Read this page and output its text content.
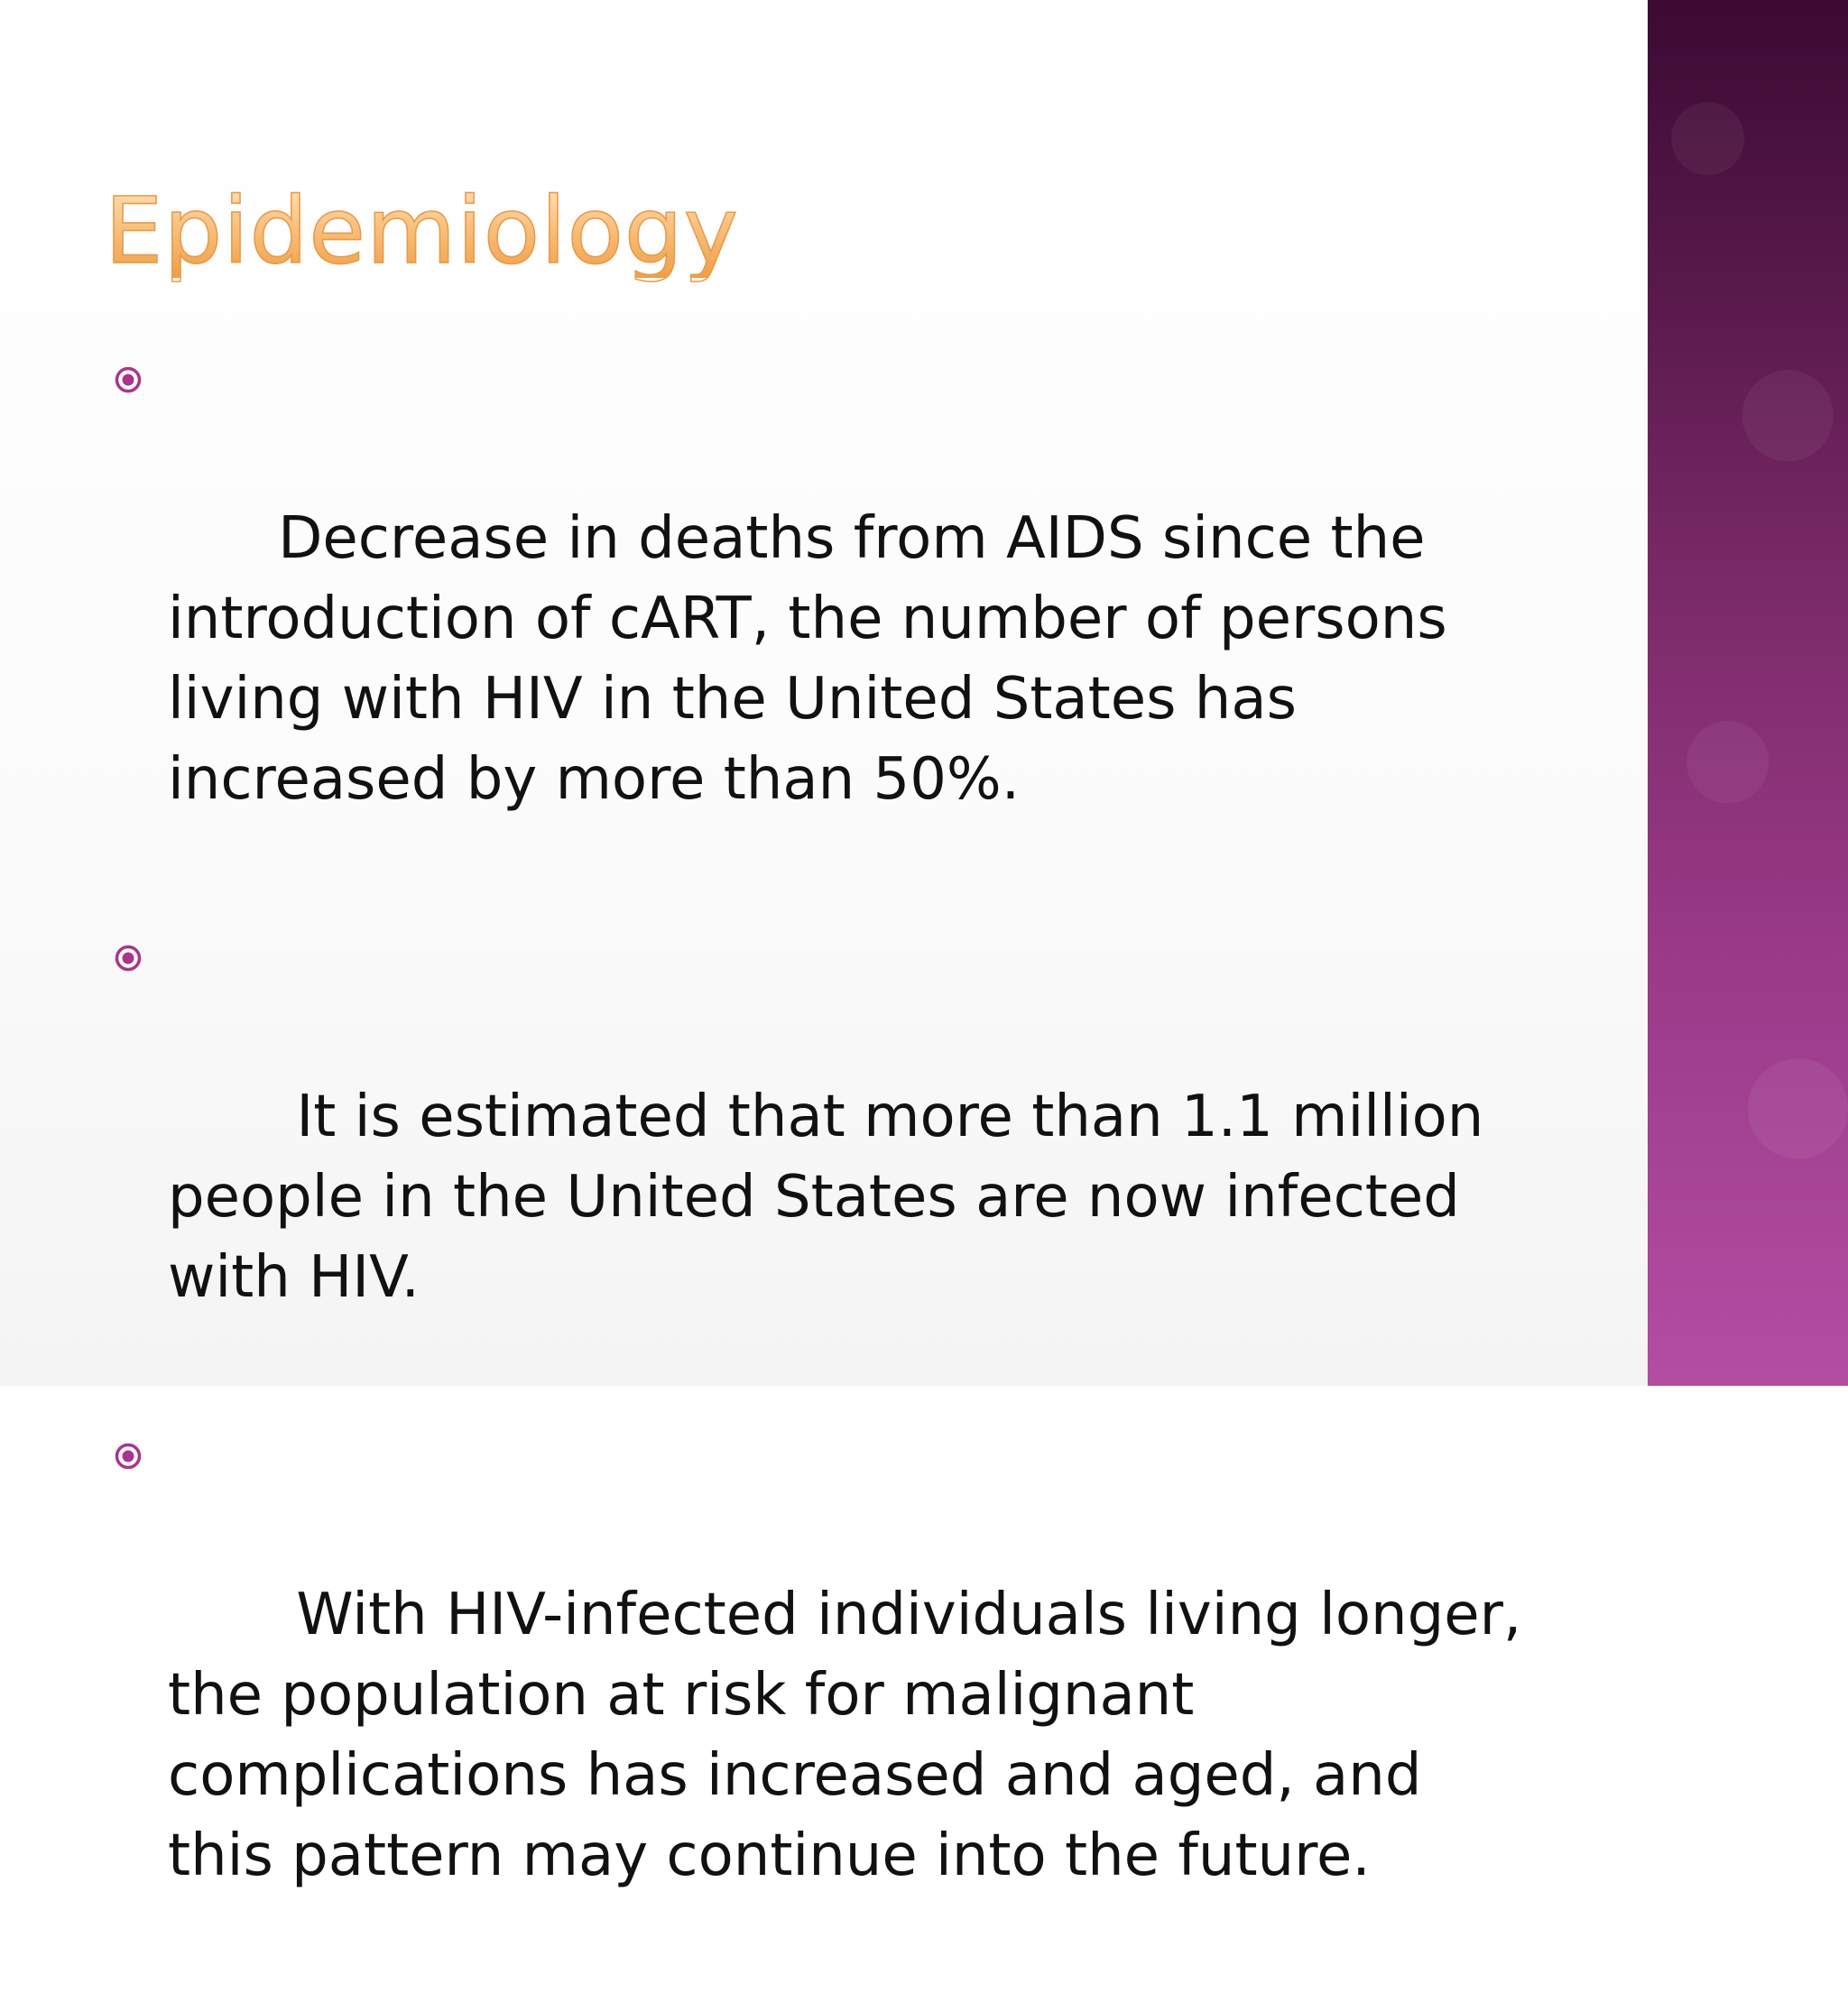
Epidemiology

Decrease in deaths from AIDS since the introduction of cART, the number of persons living with HIV in the United States has increased by more than 50%.

It is estimated that more than 1.1 million people in the United States are now infected with HIV.

With HIV-infected individuals living longer, the population at risk for malignant complications has increased and aged, and this pattern may continue into the future.
